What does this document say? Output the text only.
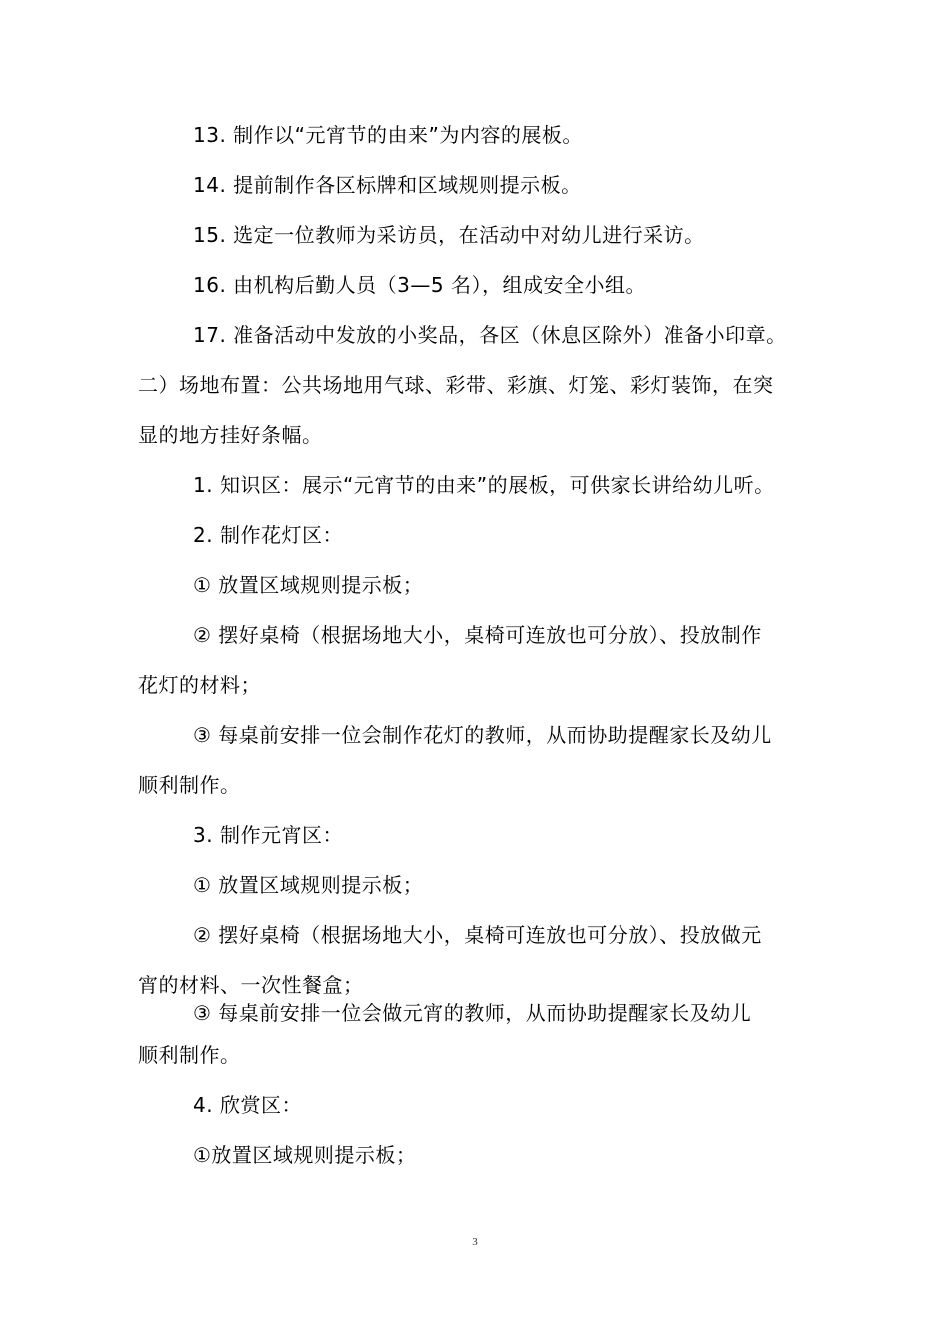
13. 制作以“元宵节的由来”为内容的展板。
14. 提前制作各区标牌和区域规则提示板。
15. 选定一位教师为采访员，在活动中对幼儿进行采访。
16. 由机构后勤人员（3—5 名），组成安全小组。
17. 准备活动中发放的小奖品，各区（休息区除外）准备小印章。
二）场地布置：公共场地用气球、彩带、彩旗、灯笼、彩灯装饰，在突
显的地方挂好条幅。
1. 知识区：展示“元宵节的由来”的展板，可供家长讲给幼儿听。
2. 制作花灯区：
① 放置区域规则提示板；
② 摆好桌椅（根据场地大小，桌椅可连放也可分放）、投放制作
花灯的材料；
③ 每桌前安排一位会制作花灯的教师，从而协助提醒家长及幼儿
顺利制作。
3. 制作元宵区：
① 放置区域规则提示板；
② 摆好桌椅（根据场地大小，桌椅可连放也可分放）、投放做元
宵的材料、一次性餐盒；
③ 每桌前安排一位会做元宵的教师，从而协助提醒家长及幼儿
顺利制作。
4. 欣赏区：
①放置区域规则提示板；
3
